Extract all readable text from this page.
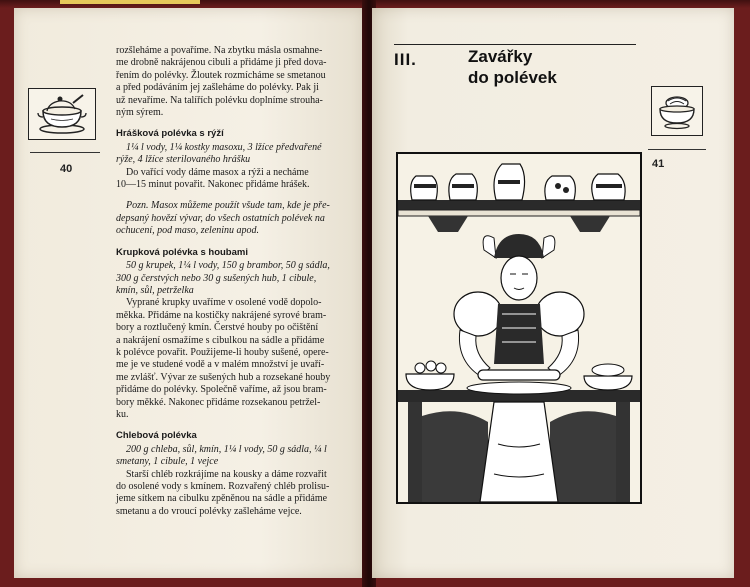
40

rozšleháme a povaříme. Na zbytku másla osmahne-

me drobně nakrájenou cibuli a přidáme ji před dova-

řením do polévky. Žloutek rozmícháme se smetanou

a před podáváním jej zašleháme do polévky. Pak ji

už nevaříme. Na talířích polévku doplníme strouha-

ným sýrem.

Hrášková polévka s rýží

1¼ l vody, 1¼ kostky masoxu, 3 lžíce předvařené

rýže, 4 lžíce sterilovaného hrášku

Do vařící vody dáme masox a rýži a necháme

10—15 minut povařit. Nakonec přidáme hrášek.

Pozn. Masox můžeme použít všude tam, kde je pře-

depsaný hovězí vývar, do všech ostatních polévek na

ochucení, pod maso, zeleninu apod.

Krupková polévka s houbami

50 g krupek, 1¼ l vody, 150 g brambor, 50 g sádla,

300 g čerstvých nebo 30 g sušených hub, 1 cibule,

kmín, sůl, petrželka

Vyprané krupky uvaříme v osolené vodě dopolo-

měkka. Přidáme na kostičky nakrájené syrové bram-

bory a roztlučený kmín. Čerstvé houby po očištění

a nakrájení osmažíme s cibulkou na sádle a přidáme

k polévce povařit. Použijeme-li houby sušené, opere-

me je ve studené vodě a v malém množství je uvaří-

me zvlášť. Vývar ze sušených hub a rozsekané houby

přidáme do polévky. Společně vaříme, až jsou bram-

bory měkké. Nakonec přidáme rozsekanou petržel-

ku.

Chlebová polévka

200 g chleba, sůl, kmín, 1¼ l vody, 50 g sádla, ¼ l

smetany, 1 cibule, 1 vejce

Starší chléb rozkrájíme na kousky a dáme rozvařit

do osolené vody s kmínem. Rozvařený chléb prolisu-

jeme sítkem na cibulku zpěněnou na sádle a přidáme

smetanu a do vroucí polévky zašleháme vejce.

III.	Zavářky
do polévek
41
